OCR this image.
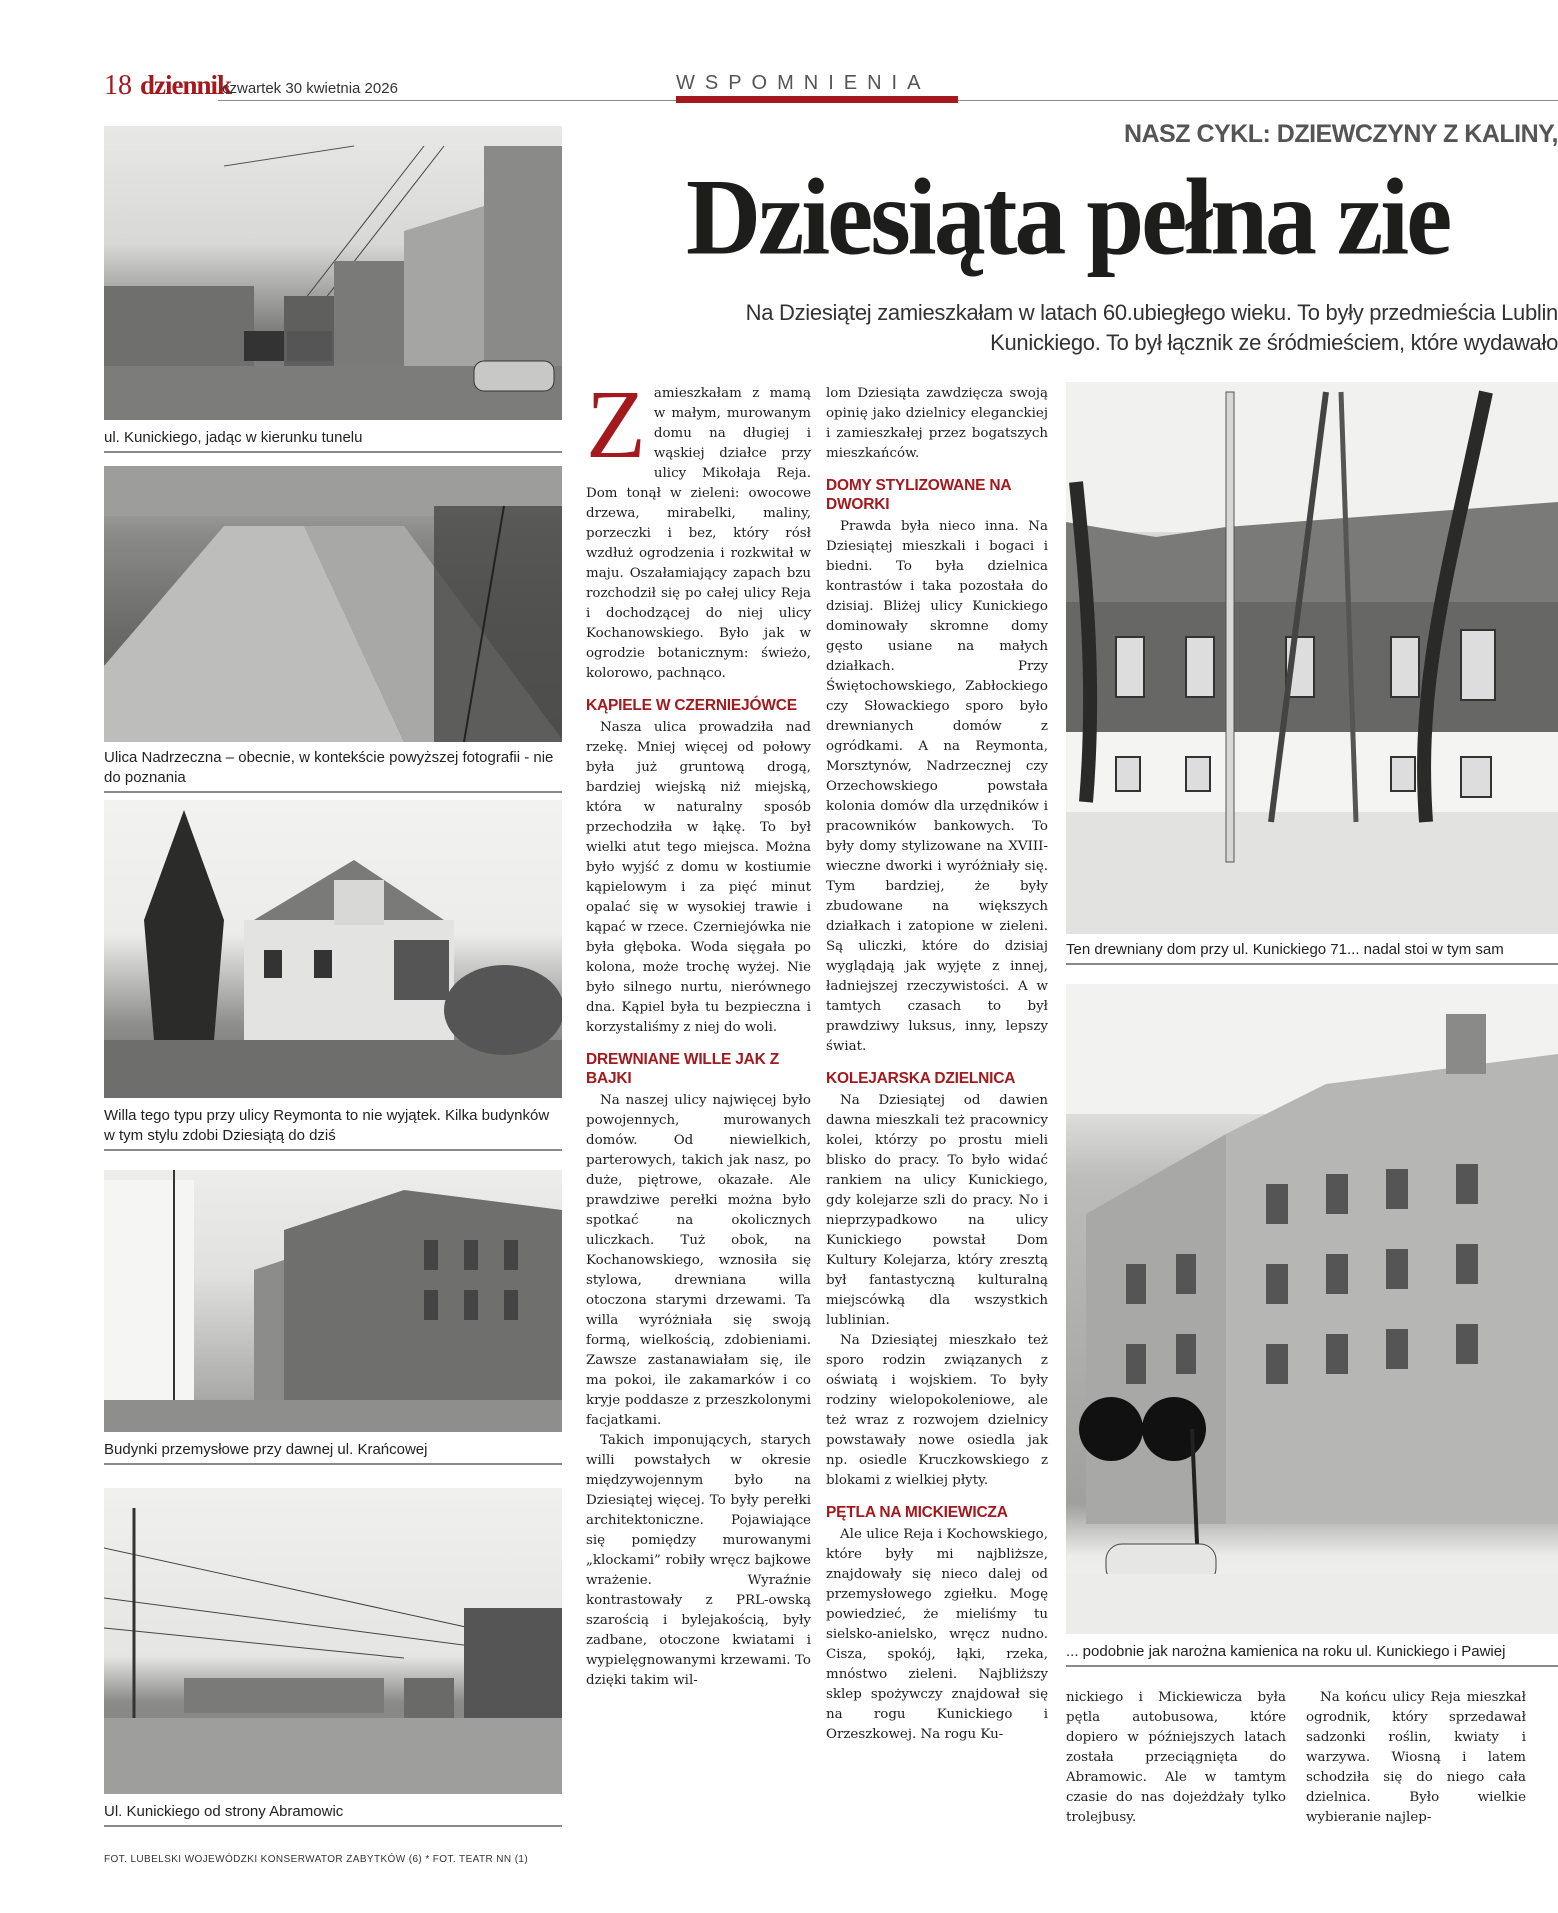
18 dziennik
czwartek 30 kwietnia 2026	WSPOMNIENIA
NASZ CYKL: DZIEWCZYNY Z KALINY,
Dziesiąta pełna zie
Na Dziesiątej zamieszkałam w latach 60.ubiegłego wieku. To były przedmieścia Lublin
Kunickiego. To był łącznik ze śródmieściem, które wydawało
ul. Kunickiego, jadąc w kierunku tunelu
Ulica Nadrzeczna – obecnie, w kontekście powyższej fotografii - nie do poznania
Willa tego typu przy ulicy Reymonta to nie wyjątek. Kilka budynków w tym stylu zdobi Dziesiątą do dziś
Budynki przemysłowe przy dawnej ul. Krańcowej
Ul. Kunickiego od strony Abramowic
FOT. LUBELSKI WOJEWÓDZKI KONSERWATOR ZABYTKÓW (6) * FOT. TEATR NN (1)
Z amieszkałam z mamą w małym, murowanym domu na długiej i wąskiej działce przy ulicy Mikołaja Reja. Dom tonął w zieleni: owocowe drzewa, mirabelki, maliny, porzeczki i bez, który rósł wzdłuż ogrodzenia i rozkwitał w maju. Oszałamiający zapach bzu rozchodził się po całej ulicy Reja i dochodzącej do niej ulicy Kochanowskiego. Było jak w ogrodzie botanicznym: świeżo, kolorowo, pachnąco.

KĄPIELE W CZERNIEJÓWCE

Nasza ulica prowadziła nad rzekę. Mniej więcej od połowy była już gruntową drogą, bardziej wiejską niż miejską, która w naturalny sposób przechodziła w łąkę. To był wielki atut tego miejsca. Można było wyjść z domu w kostiumie kąpielowym i za pięć minut opalać się w wysokiej trawie i kąpać w rzece. Czerniejówka nie była głęboka. Woda sięgała po kolona, może trochę wyżej. Nie było silnego nurtu, nierównego dna. Kąpiel była tu bezpieczna i korzystaliśmy z niej do woli.

DREWNIANE WILLE JAK Z BAJKI

Na naszej ulicy najwięcej było powojennych, murowanych domów. Od niewielkich, parterowych, takich jak nasz, po duże, piętrowe, okazałe. Ale prawdziwe perełki można było spotkać na okolicznych uliczkach. Tuż obok, na Kochanowskiego, wznosiła się stylowa, drewniana willa otoczona starymi drzewami. Ta willa wyróżniała się swoją formą, wielkością, zdobieniami. Zawsze zastanawiałam się, ile ma pokoi, ile zakamarków i co kryje poddasze z przeszkolonymi facjatkami.

Takich imponujących, starych willi powstałych w okresie międzywojennym było na Dziesiątej więcej. To były perełki architektoniczne. Pojawiające się pomiędzy murowanymi „klockami” robiły wręcz bajkowe wrażenie. Wyraźnie kontrastowały z PRL-owską szarością i bylejakością, były zadbane, otoczone kwiatami i wypielęgnowanymi krzewami. To dzięki takim wil-

lom Dziesiąta zawdzięcza swoją opinię jako dzielnicy eleganckiej i zamieszkałej przez bogatszych mieszkańców.

DOMY STYLIZOWANE NA DWORKI

Prawda była nieco inna. Na Dziesiątej mieszkali i bogaci i biedni. To była dzielnica kontrastów i taka pozostała do dzisiaj. Bliżej ulicy Kunickiego dominowały skromne domy gęsto usiane na małych działkach. Przy Świętochowskiego, Zabłockiego czy Słowackiego sporo było drewnianych domów z ogródkami. A na Reymonta, Morsztynów, Nadrzecznej czy Orzechowskiego powstała kolonia domów dla urzędników i pracowników bankowych. To były domy stylizowane na XVIII-wieczne dworki i wyróżniały się. Tym bardziej, że były zbudowane na większych działkach i zatopione w zieleni. Są uliczki, które do dzisiaj wyglądają jak wyjęte z innej, ładniejszej rzeczywistości. A w tamtych czasach to był prawdziwy luksus, inny, lepszy świat.

KOLEJARSKA DZIELNICA

Na Dziesiątej od dawien dawna mieszkali też pracownicy kolei, którzy po prostu mieli blisko do pracy. To było widać rankiem na ulicy Kunickiego, gdy kolejarze szli do pracy. No i nieprzypadkowo na ulicy Kunickiego powstał Dom Kultury Kolejarza, który zresztą był fantastyczną kulturalną miejscówką dla wszystkich lublinian.

Na Dziesiątej mieszkało też sporo rodzin związanych z oświatą i wojskiem. To były rodziny wielopokoleniowe, ale też wraz z rozwojem dzielnicy powstawały nowe osiedla jak np. osiedle Kruczkowskiego z blokami z wielkiej płyty.

PĘTLA NA MICKIEWICZA

Ale ulice Reja i Kochowskiego, które były mi najbliższe, znajdowały się nieco dalej od przemysłowego zgiełku. Mogę powiedzieć, że mieliśmy tu sielsko-anielsko, wręcz nudno. Cisza, spokój, łąki, rzeka, mnóstwo zieleni. Najbliższy sklep spożywczy znajdował się na rogu Kunickiego i Orzeszkowej. Na rogu Ku-

Ten drewniany dom przy ul. Kunickiego 71... nadal stoi w tym sam
... podobnie jak narożna kamienica na roku ul. Kunickiego i Pawiej

nickiego i Mickiewicza była pętla autobusowa, które dopiero w późniejszych latach została przeciągnięta do Abramowic. Ale w tamtym czasie do nas dojeżdżały tylko trolejbusy.

Na końcu ulicy Reja mieszkał ogrodnik, który sprzedawał sadzonki roślin, kwiaty i warzywa. Wiosną i latem schodziła się do niego cała dzielnica. Było wielkie wybieranie najlep-
